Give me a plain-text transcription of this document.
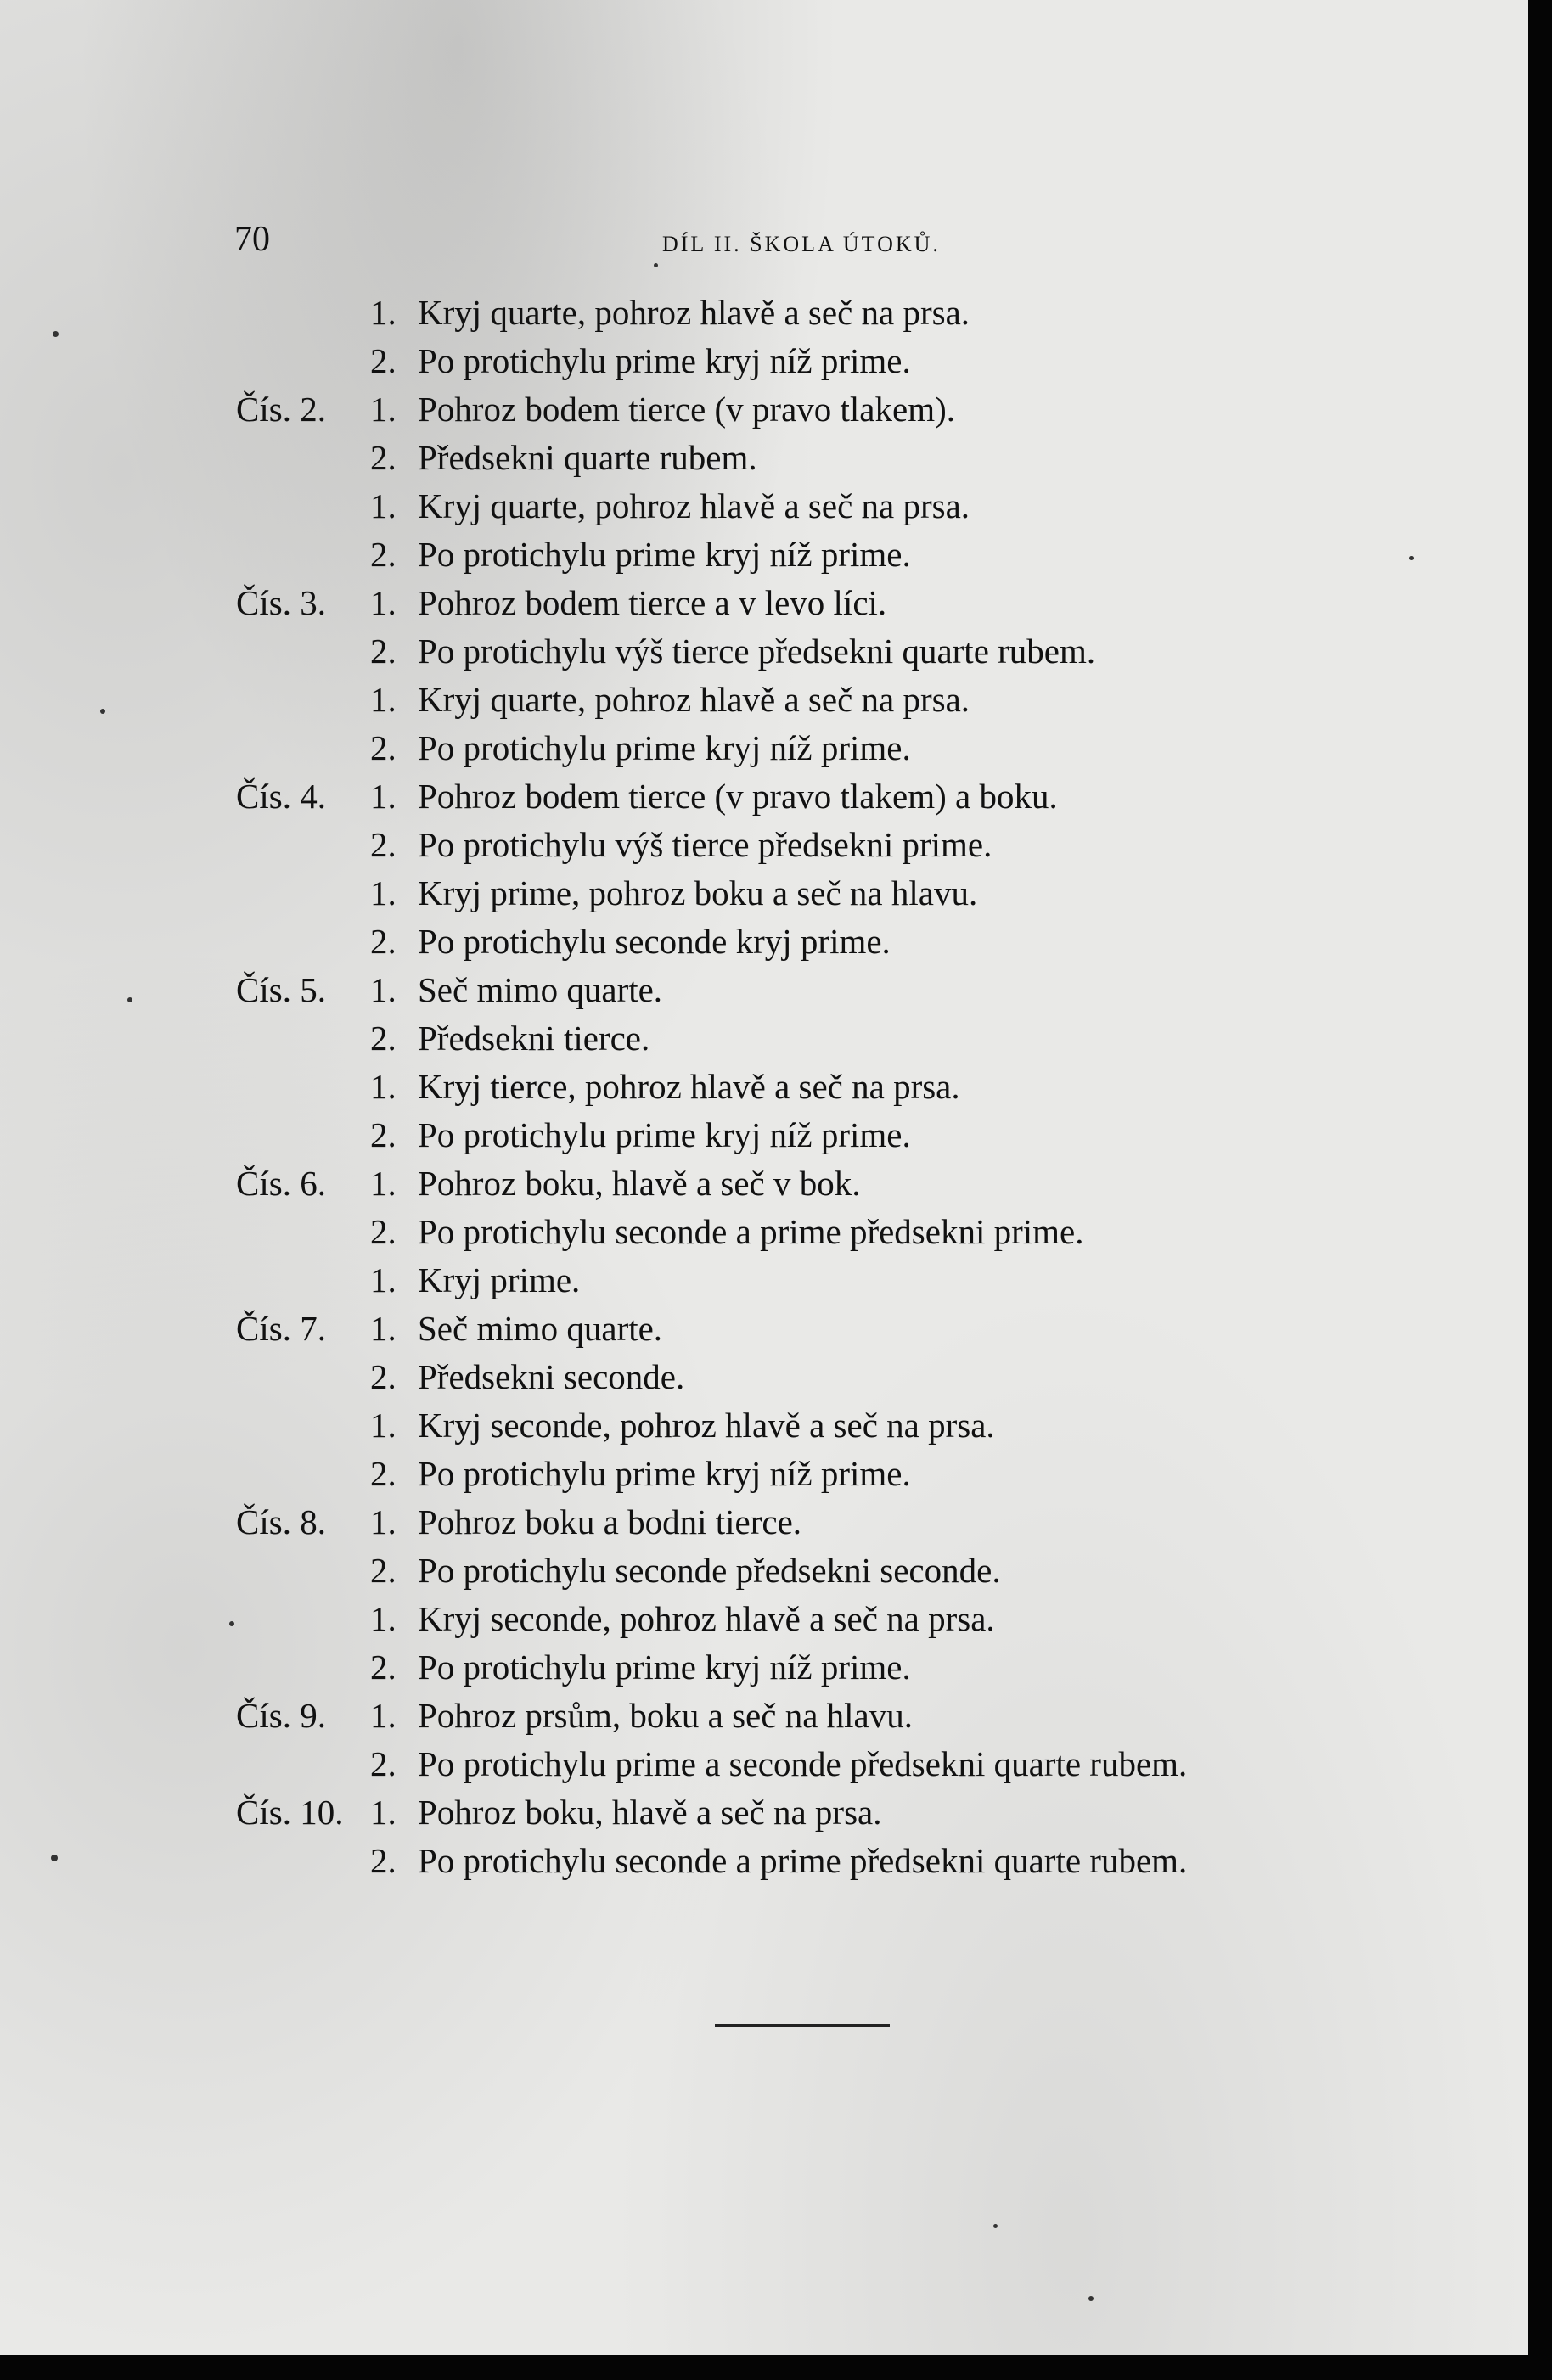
70	DÍL II. ŠKOLA ÚTOKŮ.
1. Kryj quarte, pohroz hlavě a seč na prsa.
2. Po protichylu prime kryj níž prime.
Čís. 2.	1. Pohroz bodem tierce (v pravo tlakem).
2. Předsekni quarte rubem.
1. Kryj quarte, pohroz hlavě a seč na prsa.
2. Po protichylu prime kryj níž prime.
Čís. 3.	1. Pohroz bodem tierce a v levo líci.
2. Po protichylu výš tierce předsekni quarte rubem.
1. Kryj quarte, pohroz hlavě a seč na prsa.
2. Po protichylu prime kryj níž prime.
Čís. 4.	1. Pohroz bodem tierce (v pravo tlakem) a boku.
2. Po protichylu výš tierce předsekni prime.
1. Kryj prime, pohroz boku a seč na hlavu.
2. Po protichylu seconde kryj prime.
Čís. 5.	1. Seč mimo quarte.
2. Předsekni tierce.
1. Kryj tierce, pohroz hlavě a seč na prsa.
2. Po protichylu prime kryj níž prime.
Čís. 6.	1. Pohroz boku, hlavě a seč v bok.
2. Po protichylu seconde a prime předsekni prime.
1. Kryj prime.
Čís. 7.	1. Seč mimo quarte.
2. Předsekni seconde.
1. Kryj seconde, pohroz hlavě a seč na prsa.
2. Po protichylu prime kryj níž prime.
Čís. 8.	1. Pohroz boku a bodni tierce.
2. Po protichylu seconde předsekni seconde.
1. Kryj seconde, pohroz hlavě a seč na prsa.
2. Po protichylu prime kryj níž prime.
Čís. 9.	1. Pohroz prsům, boku a seč na hlavu.
2. Po protichylu prime a seconde předsekni quarte rubem.
Čís. 10. 1. Pohroz boku, hlavě a seč na prsa.
2. Po protichylu seconde a prime předsekni quarte rubem.
